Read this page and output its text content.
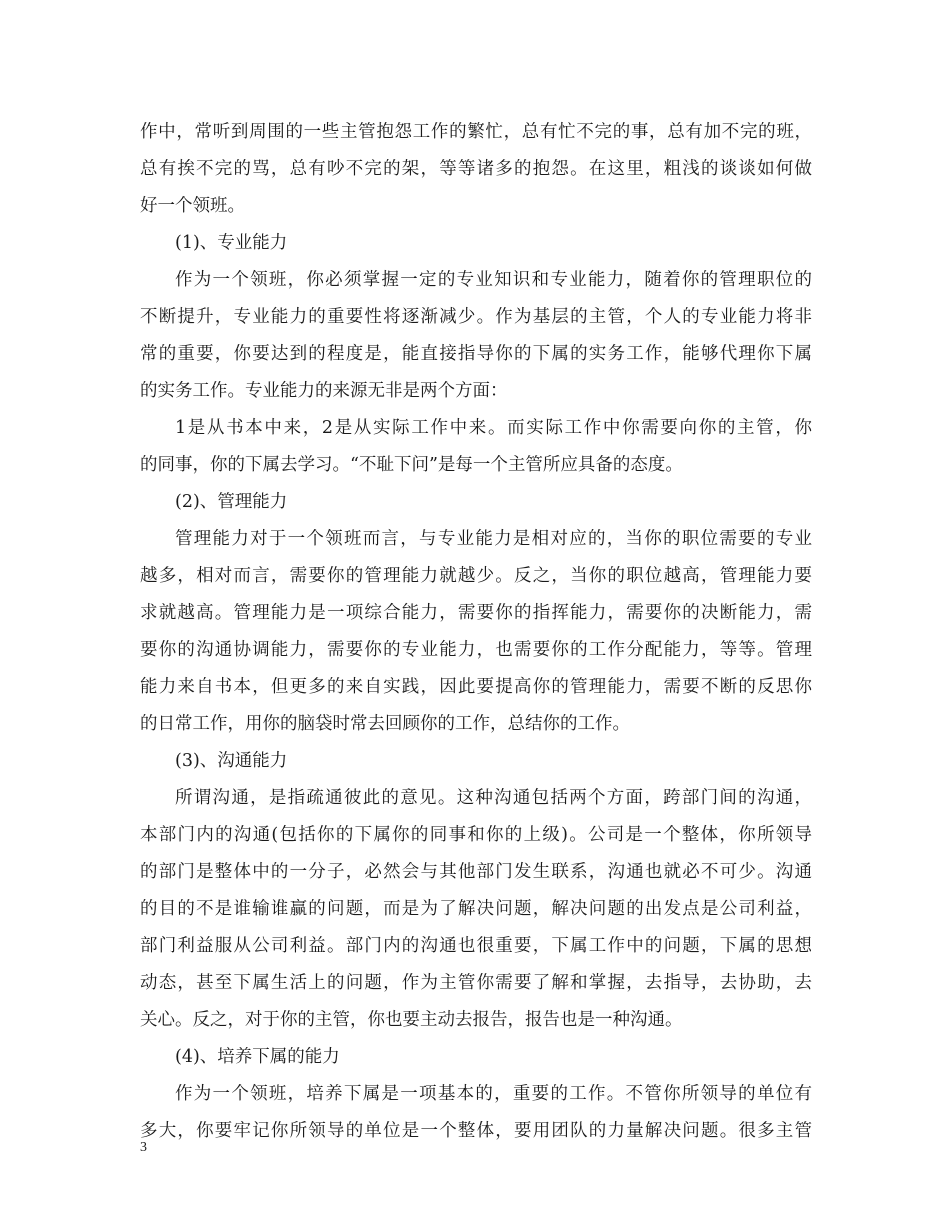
作中，常听到周围的一些主管抱怨工作的繁忙，总有忙不完的事，总有加不完的班，
总有挨不完的骂，总有吵不完的架，等等诸多的抱怨。在这里，粗浅的谈谈如何做
好一个领班。
(1)、专业能力
作为一个领班，你必须掌握一定的专业知识和专业能力，随着你的管理职位的
不断提升，专业能力的重要性将逐渐减少。作为基层的主管，个人的专业能力将非
常的重要，你要达到的程度是，能直接指导你的下属的实务工作，能够代理你下属
的实务工作。专业能力的来源无非是两个方面：
1是从书本中来，2是从实际工作中来。而实际工作中你需要向你的主管，你
的同事，你的下属去学习。“不耻下问”是每一个主管所应具备的态度。
(2)、管理能力
管理能力对于一个领班而言，与专业能力是相对应的，当你的职位需要的专业
越多，相对而言，需要你的管理能力就越少。反之，当你的职位越高，管理能力要
求就越高。管理能力是一项综合能力，需要你的指挥能力，需要你的决断能力，需
要你的沟通协调能力，需要你的专业能力，也需要你的工作分配能力，等等。管理
能力来自书本，但更多的来自实践，因此要提高你的管理能力，需要不断的反思你
的日常工作，用你的脑袋时常去回顾你的工作，总结你的工作。
(3)、沟通能力
所谓沟通，是指疏通彼此的意见。这种沟通包括两个方面，跨部门间的沟通，
本部门内的沟通(包括你的下属你的同事和你的上级)。公司是一个整体，你所领导
的部门是整体中的一分子，必然会与其他部门发生联系，沟通也就必不可少。沟通
的目的不是谁输谁赢的问题，而是为了解决问题，解决问题的出发点是公司利益，
部门利益服从公司利益。部门内的沟通也很重要，下属工作中的问题，下属的思想
动态，甚至下属生活上的问题，作为主管你需要了解和掌握，去指导，去协助，去
关心。反之，对于你的主管，你也要主动去报告，报告也是一种沟通。
(4)、培养下属的能力
作为一个领班，培养下属是一项基本的，重要的工作。不管你所领导的单位有
多大，你要牢记你所领导的单位是一个整体，要用团队的力量解决问题。很多主管
3
